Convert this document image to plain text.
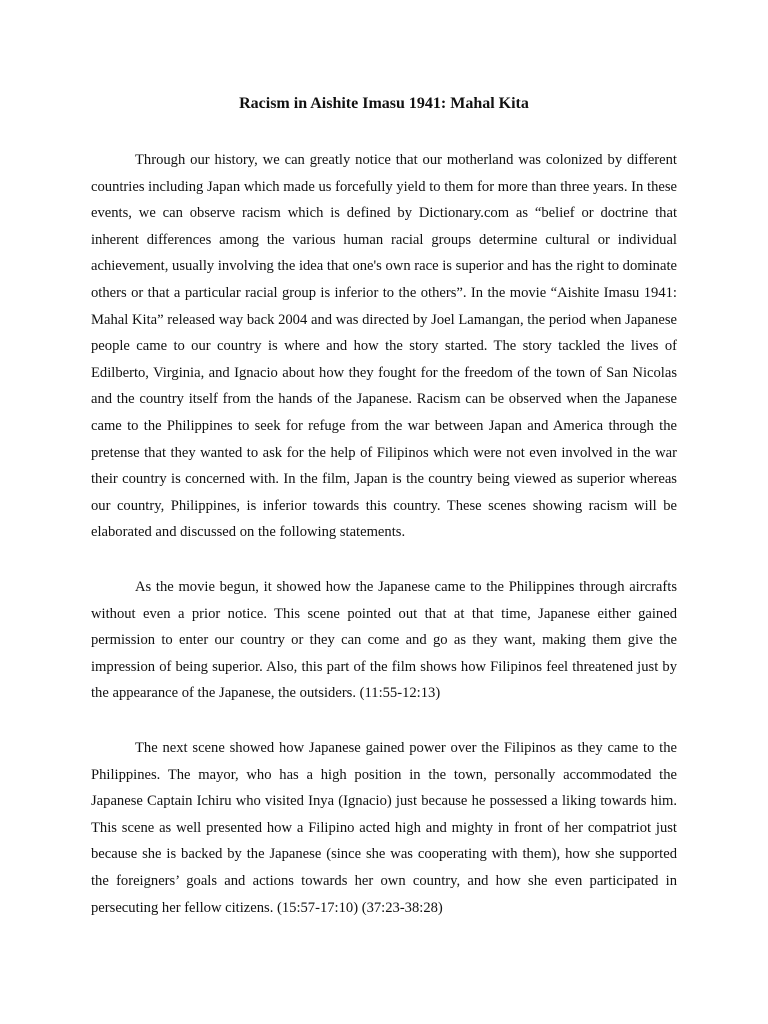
Racism in Aishite Imasu 1941: Mahal Kita

Through our history, we can greatly notice that our motherland was colonized by different countries including Japan which made us forcefully yield to them for more than three years. In these events, we can observe racism which is defined by Dictionary.com as “belief or doctrine that inherent differences among the various human racial groups determine cultural or individual achievement, usually involving the idea that one's own race is superior and has the right to dominate others or that a particular racial group is inferior to the others”. In the movie “Aishite Imasu 1941: Mahal Kita” released way back 2004 and was directed by Joel Lamangan, the period when Japanese people came to our country is where and how the story started. The story tackled the lives of Edilberto, Virginia, and Ignacio about how they fought for the freedom of the town of San Nicolas and the country itself from the hands of the Japanese. Racism can be observed when the Japanese came to the Philippines to seek for refuge from the war between Japan and America through the pretense that they wanted to ask for the help of Filipinos which were not even involved in the war their country is concerned with. In the film, Japan is the country being viewed as superior whereas our country, Philippines, is inferior towards this country. These scenes showing racism will be elaborated and discussed on the following statements.

As the movie begun, it showed how the Japanese came to the Philippines through aircrafts without even a prior notice. This scene pointed out that at that time, Japanese either gained permission to enter our country or they can come and go as they want, making them give the impression of being superior. Also, this part of the film shows how Filipinos feel threatened just by the appearance of the Japanese, the outsiders. (11:55-12:13)

The next scene showed how Japanese gained power over the Filipinos as they came to the Philippines. The mayor, who has a high position in the town, personally accommodated the Japanese Captain Ichiru who visited Inya (Ignacio) just because he possessed a liking towards him. This scene as well presented how a Filipino acted high and mighty in front of her compatriot just because she is backed by the Japanese (since she was cooperating with them), how she supported the foreigners’ goals and actions towards her own country, and how she even participated in persecuting her fellow citizens. (15:57-17:10) (37:23-38:28)
